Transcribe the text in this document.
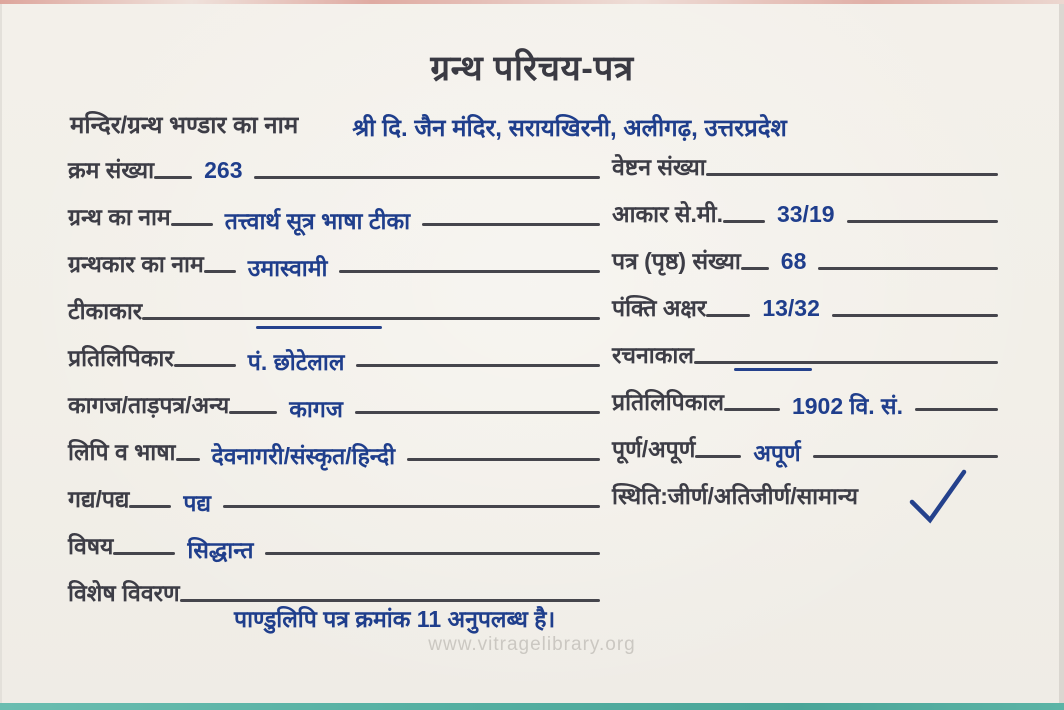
ग्रन्थ परिचय-पत्र
मन्दिर/ग्रन्थ भण्डार का नाम	श्री दि. जैन मंदिर, सरायखिरनी, अलीगढ़, उत्तरप्रदेश
क्रम संख्या	263
ग्रन्थ का नाम	तत्त्वार्थ सूत्र भाषा टीका
ग्रन्थकार का नाम	उमास्वामी
टीकाकार
प्रतिलिपिकार	पं. छोटेलाल
कागज/ताड़पत्र/अन्य	कागज
लिपि व भाषा	देवनागरी/संस्कृत/हिन्दी
गद्य/पद्य	पद्य
विषय	सिद्धान्त
विशेष विवरण
पाण्डुलिपि पत्र क्रमांक 11 अनुपलब्ध है।
वेष्टन संख्या
आकार से.मी.	33/19
पत्र (पृष्ठ) संख्या	68
पंक्ति अक्षर	13/32
रचनाकाल
प्रतिलिपिकाल	1902 वि. सं.
पूर्ण/अपूर्ण	अपूर्ण
स्थिति:जीर्ण/अतिजीर्ण/सामान्य
www.vitragelibrary.org
